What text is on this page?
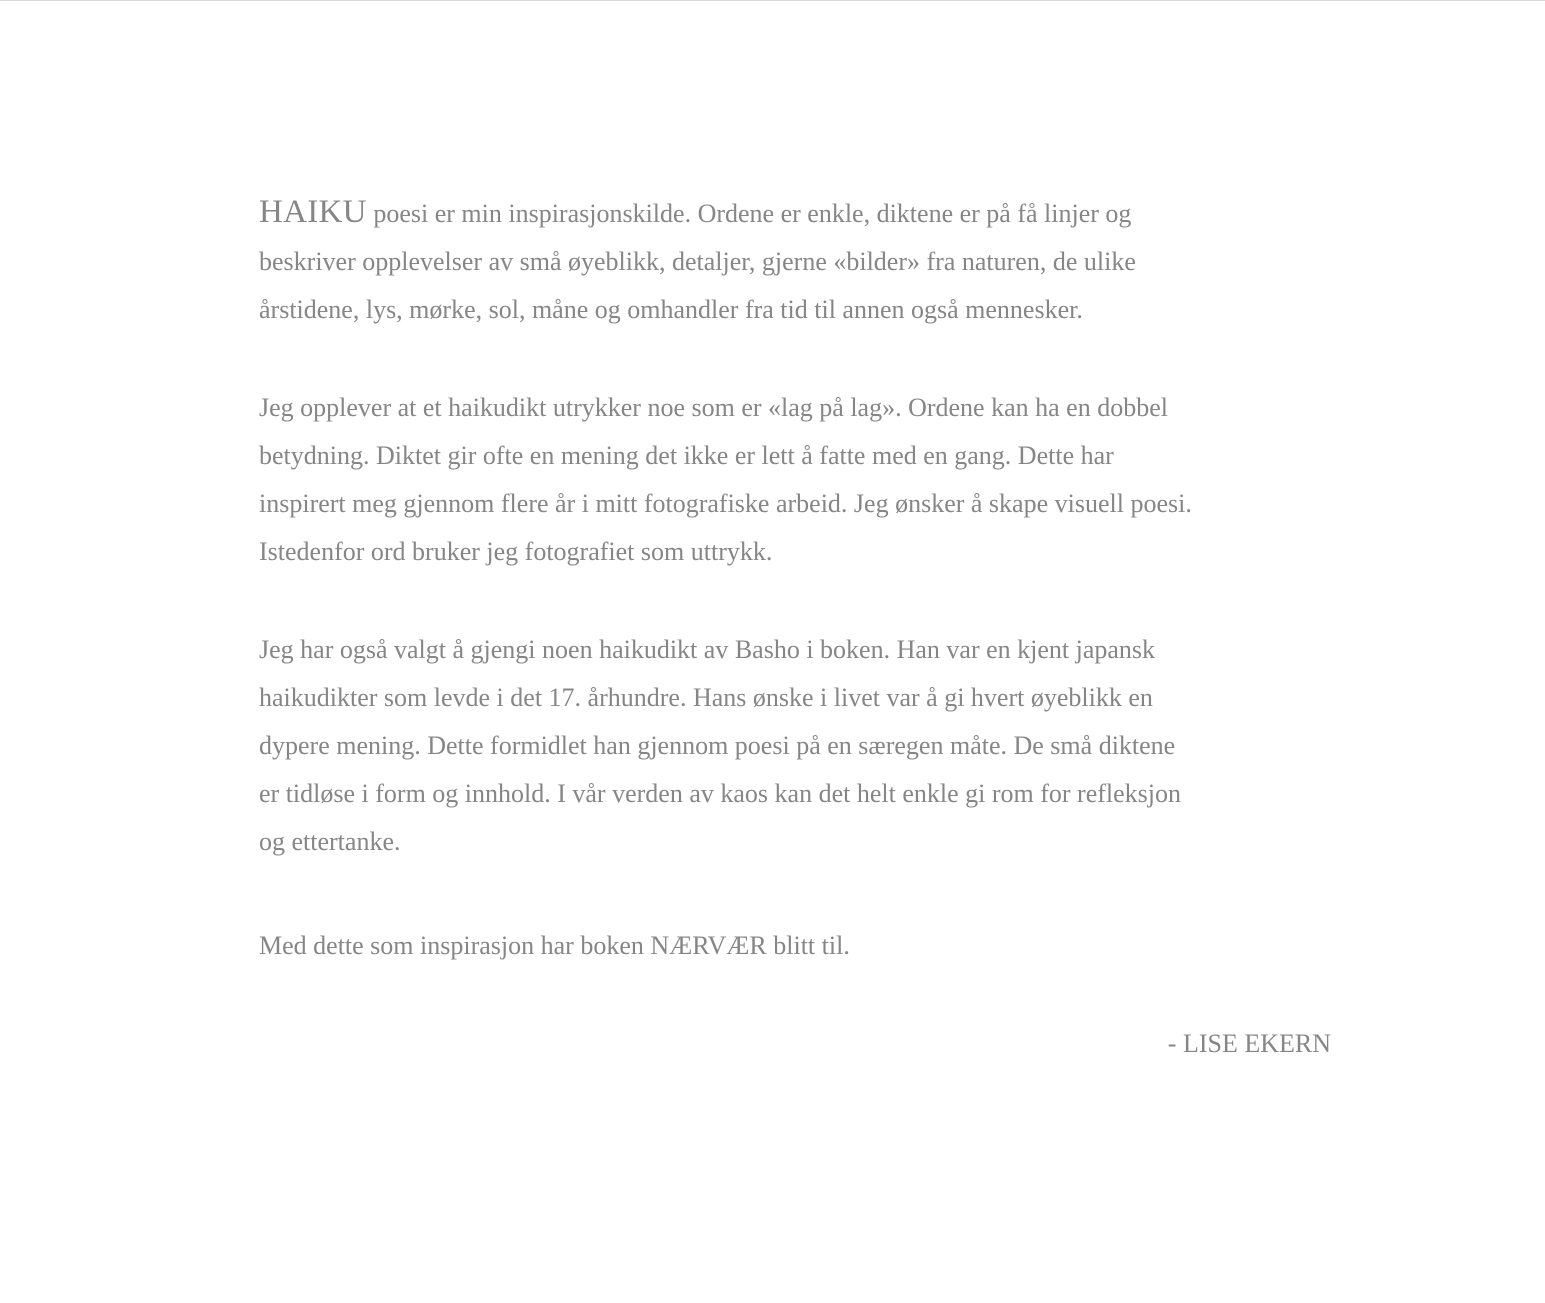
HAIKU poesi er min inspirasjonskilde. Ordene er enkle, diktene er på få linjer og

beskriver opplevelser av små øyeblikk, detaljer, gjerne «bilder» fra naturen, de ulike

årstidene, lys, mørke, sol, måne og omhandler fra tid til annen også mennesker.

Jeg opplever at et haikudikt utrykker noe som er «lag på lag». Ordene kan ha en dobbel

betydning. Diktet gir ofte en mening det ikke er lett å fatte med en gang. Dette har

inspirert meg gjennom flere år i mitt fotografiske arbeid. Jeg ønsker å skape visuell poesi.

Istedenfor ord bruker jeg fotografiet som uttrykk.

Jeg har også valgt å gjengi noen haikudikt av Basho i boken. Han var en kjent japansk

haikudikter som levde i det 17. århundre. Hans ønske i livet var å gi hvert øyeblikk en

dypere mening. Dette formidlet han gjennom poesi på en særegen måte. De små diktene

er tidløse i form og innhold. I vår verden av kaos kan det helt enkle gi rom for refleksjon

og ettertanke.

Med dette som inspirasjon har boken NÆRVÆR blitt til.

- LISE EKERN
